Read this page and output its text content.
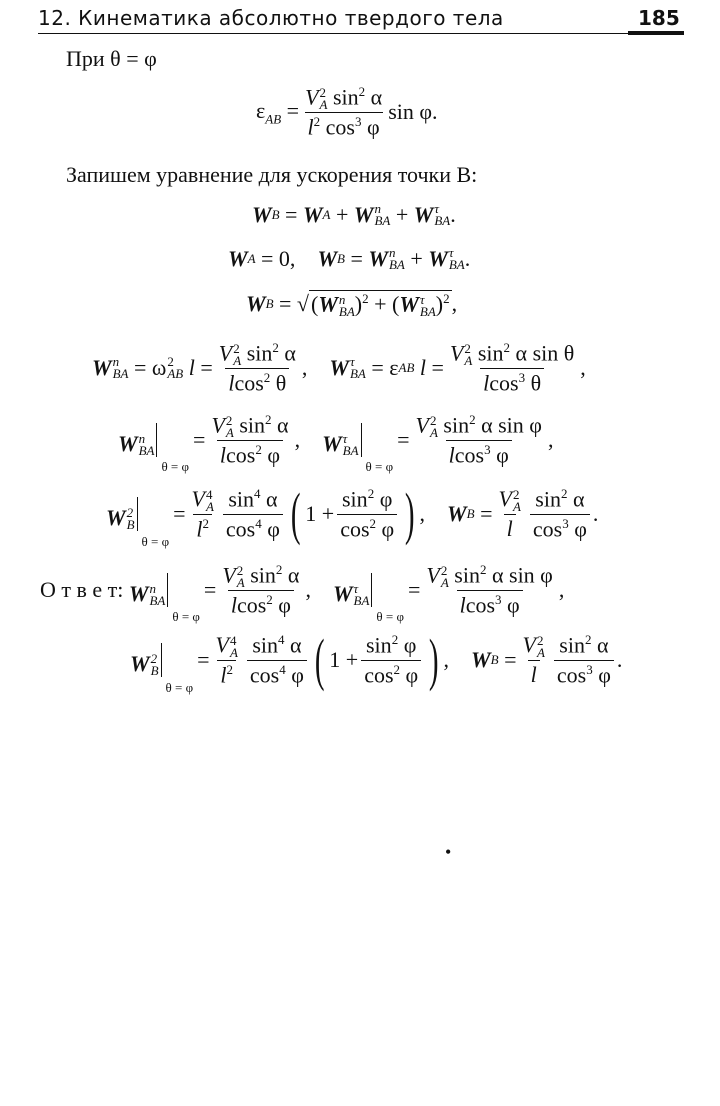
12. Кинематика абсолютно твердого тела	185
При θ = φ
$\varepsilon_{AB} = V$ 2
A $\sin^2 \alpha$
$l^2$ $\cos^3 \varphi$ sin φ.
Запишем уравнение для ускорения точки B:
W B = W A + W n
BA + W τ
BA .
W A = 0, W B = W n
BA + W τ
BA .
W B = √ (W n
BA )$^2$ + (W τ
BA )$^2$ ,
W n
BA = ω 2
AB
l = V 2
A $\sin^2 \alpha$
lcos$^2$ θ , W τ
BA = ε AB
l = V 2
A $\sin^2 \alpha$ sin θ
lcos$^3$ θ ,
W n
BA
θ = φ
= V 2
A $\sin^2 \alpha$
lcos$^2$ φ , W τ
BA
θ = φ
= V 2
A $\sin^2 \alpha$ sin φ
lcos$^3$ φ ,
W 2
B
θ = φ
= V 4
A
$l^2 \frac{\sin^4 \alpha}{\cos^4 \varphi}$ ( $1 + \frac{\sin^2 \varphi}{\cos^2 \varphi}$ ) , W B = V 2
A
l $\frac{\sin^2 \alpha}{\cos^3 \varphi}$ .
О т в е т:
W n
BA
θ = φ
= V 2
A $\sin^2 \alpha$
lcos$^2$ φ , W τ
BA
θ = φ
= V 2
A $\sin^2 \alpha$ sin φ
lcos$^3$ φ ,
W 2
B
θ = φ
= V 4
A
$l^2 \frac{\sin^4 \alpha}{\cos^4 \varphi}$ ( $1 + \frac{\sin^2 \varphi}{\cos^2 \varphi}$ ) , W B = V 2
A
l $\frac{\sin^2 \alpha}{\cos^3 \varphi}$ .
•
